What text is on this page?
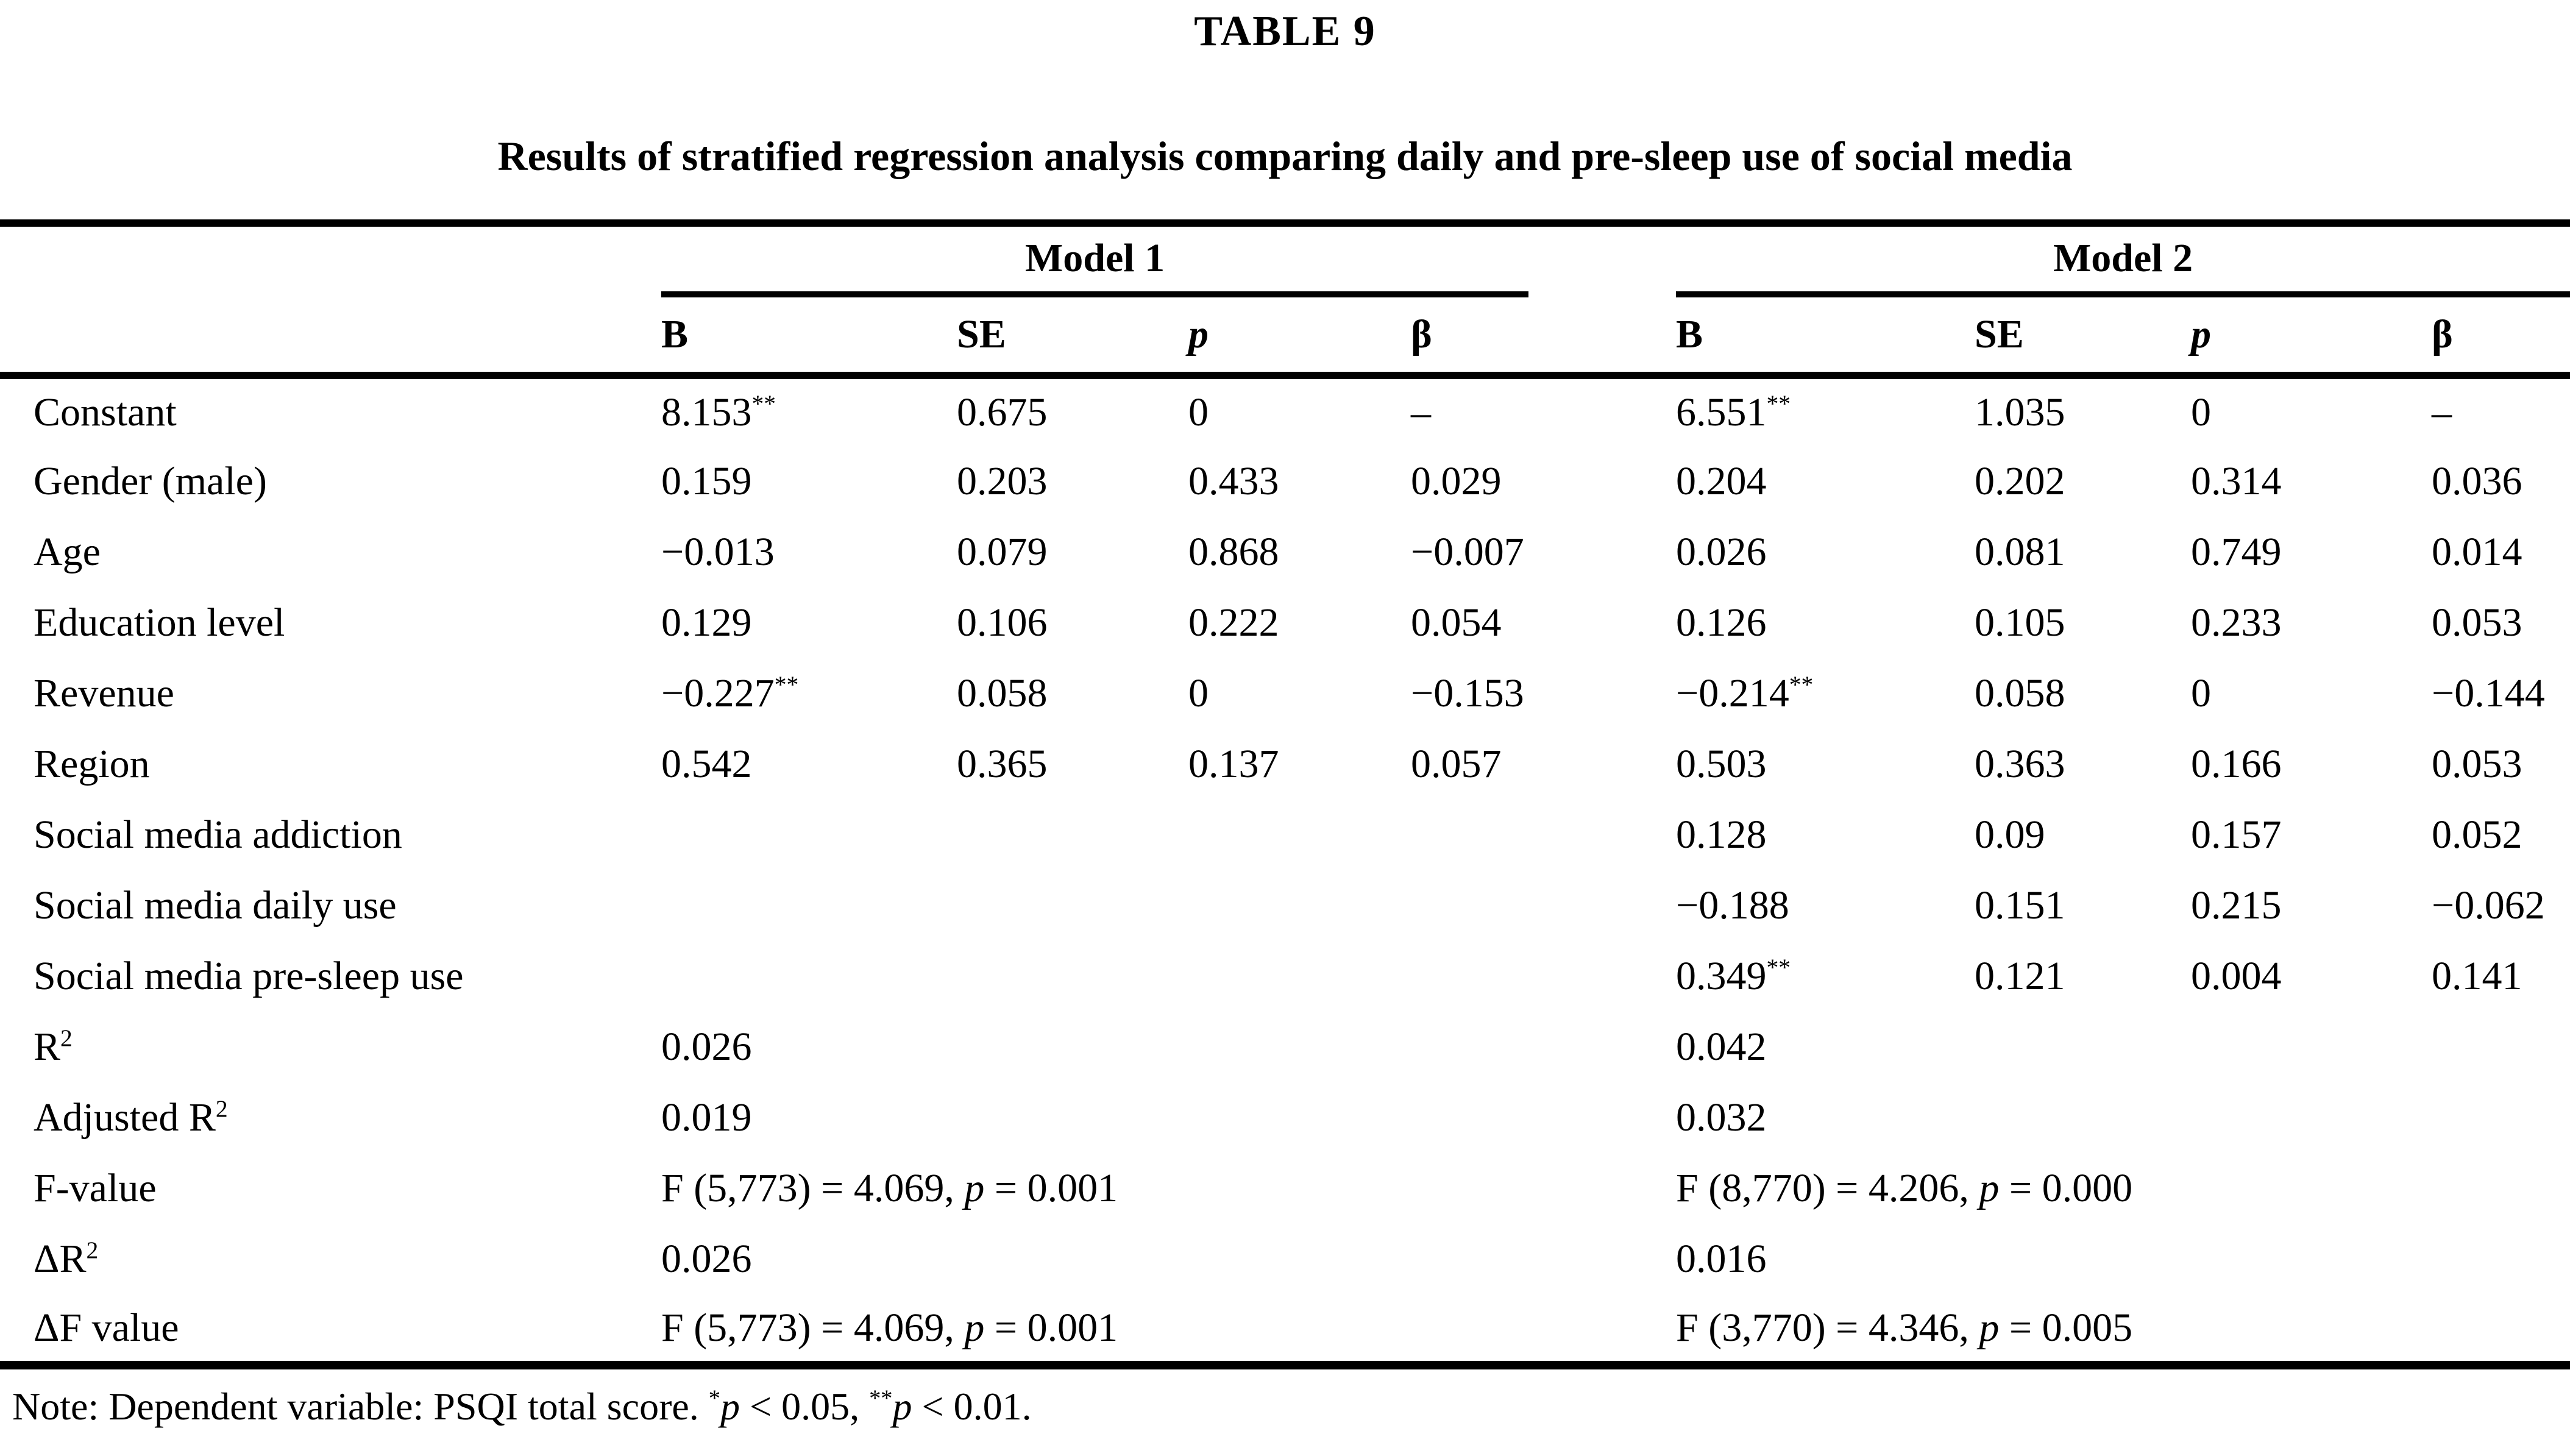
TABLE 9
Results of stratified regression analysis comparing daily and pre-sleep use of social media

	Model 1				Model 2			

	B	SE	p	β	B	SE	p	β
Constant	8.153**	0.675	0	–	6.551**	1.035	0	–
Gender (male)	0.159	0.203	0.433	0.029	0.204	0.202	0.314	0.036
Age	−0.013	0.079	0.868	−0.007	0.026	0.081	0.749	0.014
Education level	0.129	0.106	0.222	0.054	0.126	0.105	0.233	0.053
Revenue	−0.227**	0.058	0	−0.153	−0.214**	0.058	0	−0.144
Region	0.542	0.365	0.137	0.057	0.503	0.363	0.166	0.053
Social media addiction					0.128	0.09	0.157	0.052
Social media daily use					−0.188	0.151	0.215	−0.062
Social media pre-sleep use					0.349**	0.121	0.004	0.141
$R^2$	0.026				0.042			
Adjusted $R^2$	0.019				0.032			
F-value	F (5,773) = 4.069, p = 0.001				F (8,770) = 4.206, p = 0.000			
$\Delta R^2$	0.026				0.016			
ΔF value	F (5,773) = 4.069, p = 0.001				F (3,770) = 4.346, p = 0.005			
Note: Dependent variable: PSQI total score. *p < 0.05, **p < 0.01.
